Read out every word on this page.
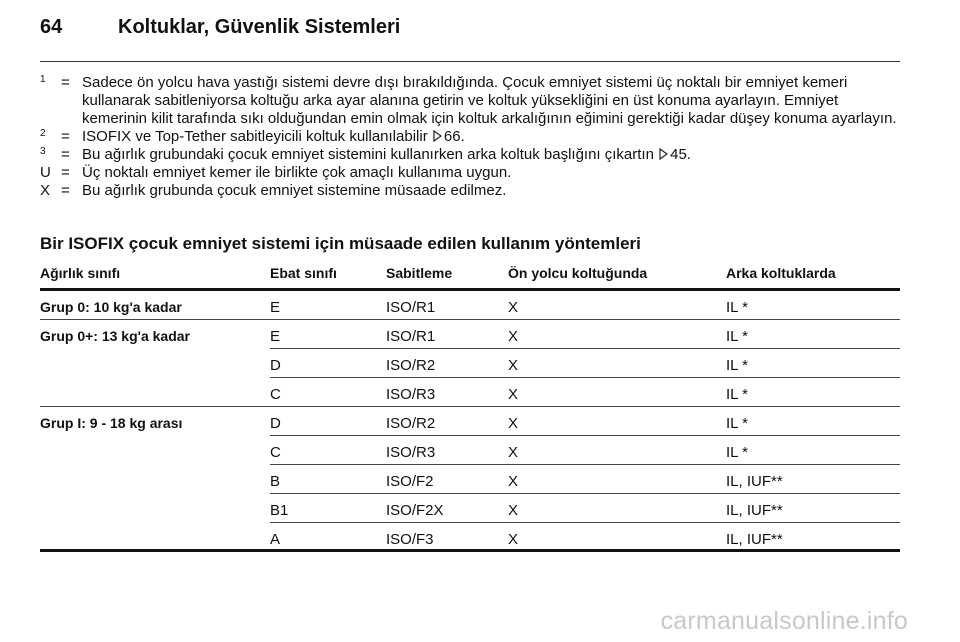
64	Koltuklar, Güvenlik Sistemleri
$^1$	= Sadece ön yolcu hava yastığı sistemi devre dışı bırakıldığında. Çocuk emniyet sistemi üç noktalı bir emniyet kemeri kullanarak sabitleniyorsa koltuğu arka ayar alanına getirin ve koltuk yüksekliğini en üst konuma ayarlayın. Emniyet kemerinin kilit tarafında sıkı olduğundan emin olmak için koltuk arkalığının eğimini gerektiği kadar düşey konuma ayarlayın.
$^2$	= ISOFIX ve Top-Tether sabitleyicili koltuk kullanılabilir 66.
$^3$	= Bu ağırlık grubundaki çocuk emniyet sistemini kullanırken arka koltuk başlığını çıkartın 45.
U = Üç noktalı emniyet kemer ile birlikte çok amaçlı kullanıma uygun.
X = Bu ağırlık grubunda çocuk emniyet sistemine müsaade edilmez.
Bir ISOFIX çocuk emniyet sistemi için müsaade edilen kullanım yöntemleri
Ağırlık sınıfı	Ebat sınıfı	Sabitleme	Ön yolcu koltuğunda	Arka koltuklarda
Grup 0: 10 kg'a kadar	E	ISO/R1	X	IL *
Grup 0+: 13 kg'a kadar	E	ISO/R1	X	IL *
D	ISO/R2	X	IL *
C	ISO/R3	X	IL *
Grup I: 9 - 18 kg arası	D	ISO/R2	X	IL *
C	ISO/R3	X	IL *
B	ISO/F2	X	IL, IUF**
B1	ISO/F2X	X	IL, IUF**
A	ISO/F3	X	IL, IUF**
carmanualsonline.info
